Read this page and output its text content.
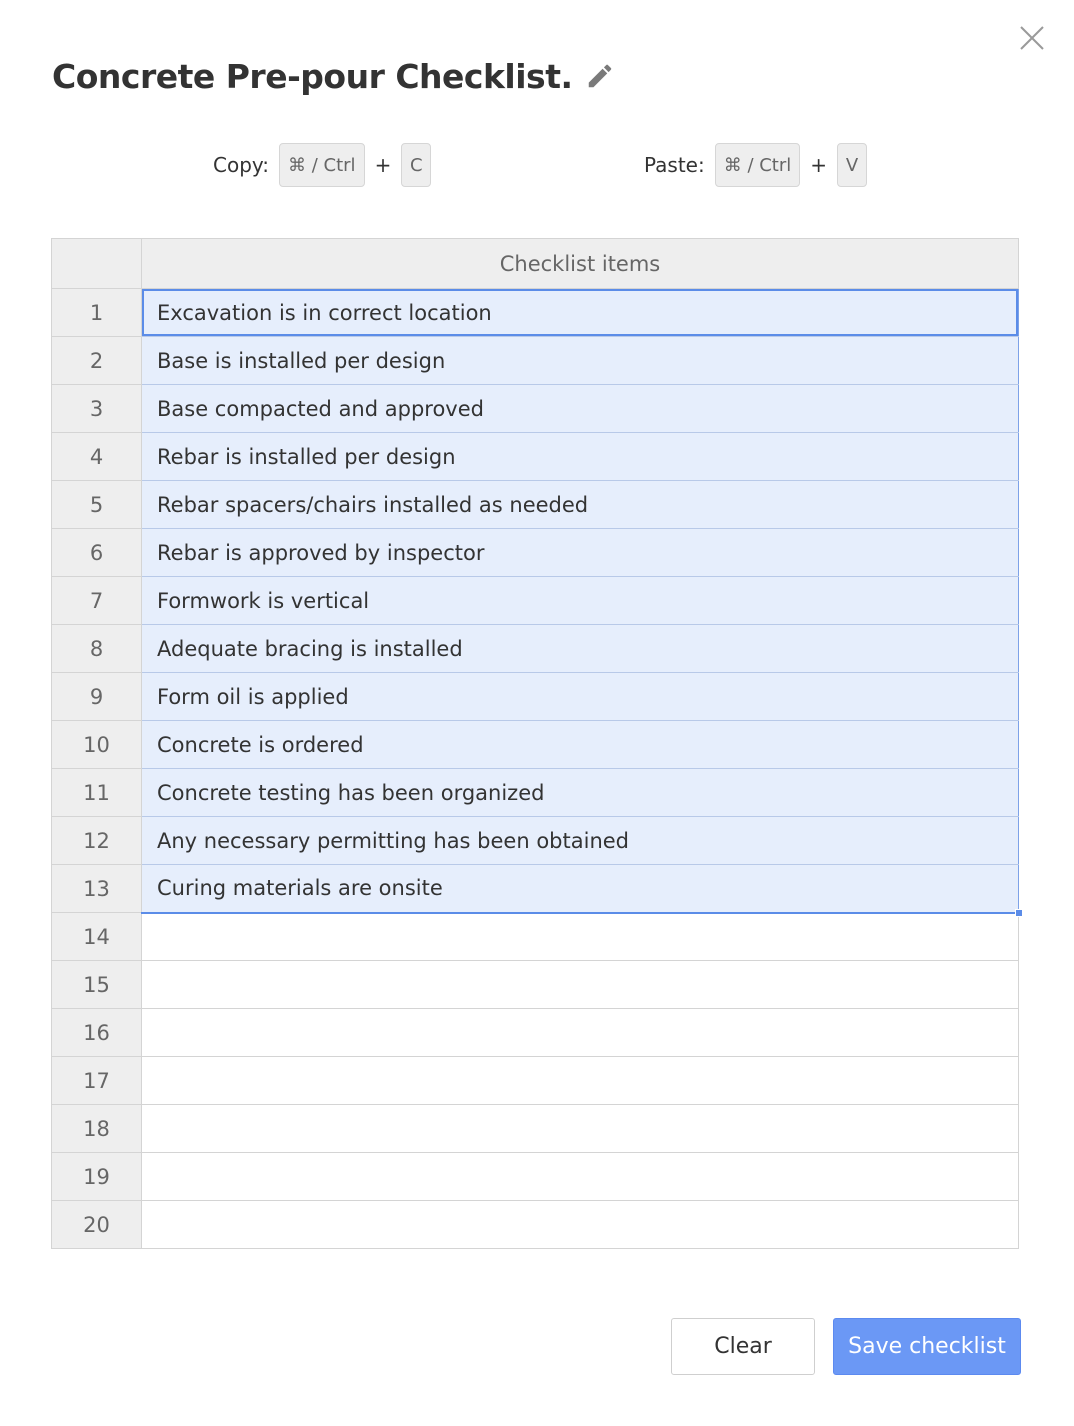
Concrete Pre-pour Checklist.
Copy:	⌘ / Ctrl +	C	Paste:	⌘ / Ctrl +	V
	Checklist items
1	Excavation is in correct location
2	Base is installed per design
3	Base compacted and approved
4	Rebar is installed per design
5	Rebar spacers/chairs installed as needed
6	Rebar is approved by inspector
7	Formwork is vertical
8	Adequate bracing is installed
9	Form oil is applied
10	Concrete is ordered
11	Concrete testing has been organized
12	Any necessary permitting has been obtained
13	Curing materials are onsite

14	
15	
16	
17	
18	
19	
20	
Clear	Save checklist
